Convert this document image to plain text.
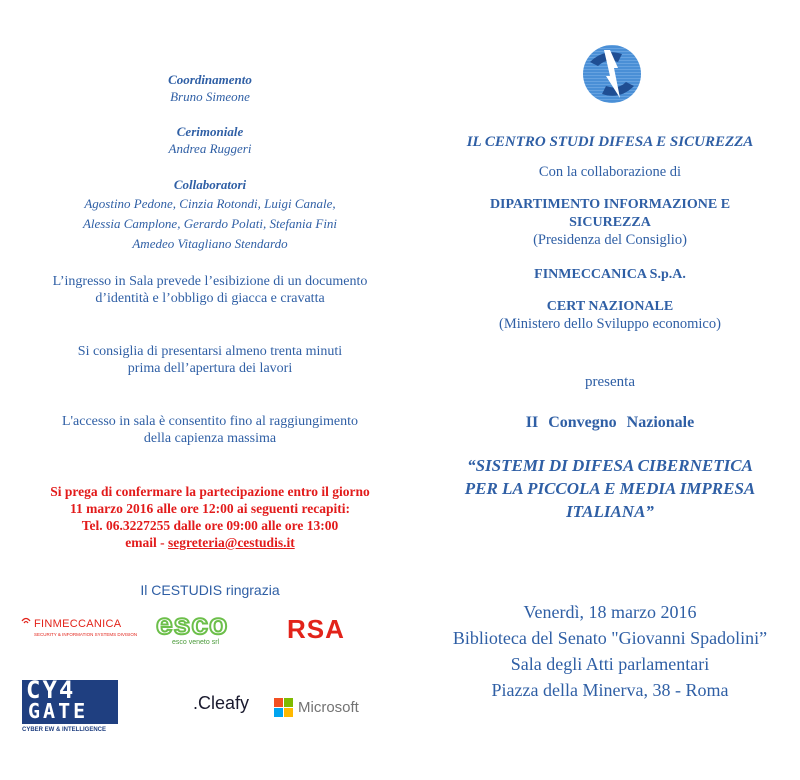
Coordinamento
Bruno Simeone
Cerimoniale
Andrea Ruggeri
Collaboratori
Agostino Pedone, Cinzia Rotondi, Luigi Canale,
Alessia Camplone, Gerardo Polati, Stefania Fini
Amedeo Vitagliano Stendardo
L’ingresso in Sala prevede l’esibizione di un documento
d’identità e l’obbligo di giacca e cravatta
Si consiglia di presentarsi almeno trenta minuti
prima dell’apertura dei lavori
L'accesso in sala è consentito fino al raggiungimento
della capienza massima
Si prega di confermare la partecipazione entro il giorno
11 marzo 2016 alle ore 12:00 ai seguenti recapiti:
Tel. 06.3227255 dalle ore 09:00 alle ore 13:00
email - segreteria@cestudis.it
Il CESTUDIS ringrazia
FINMECCANICA
SECURITY & INFORMATION SYSTEMS DIVISION esco
esco veneto srl	RSA
CY4
GATE
CYBER EW & INTELLIGENCE
.Cleafy	Microsoft
IL CENTRO STUDI DIFESA E SICUREZZA
Con la collaborazione di
DIPARTIMENTO INFORMAZIONE E
SICUREZZA
(Presidenza del Consiglio)
FINMECCANICA S.p.A.
CERT NAZIONALE
(Ministero dello Sviluppo economico)
presenta
II Convegno Nazionale
“SISTEMI DI DIFESA CIBERNETICA
PER LA PICCOLA E MEDIA IMPRESA
ITALIANA”
Venerdì, 18 marzo 2016
Biblioteca del Senato "Giovanni Spadolini”
Sala degli Atti parlamentari
Piazza della Minerva, 38 - Roma
